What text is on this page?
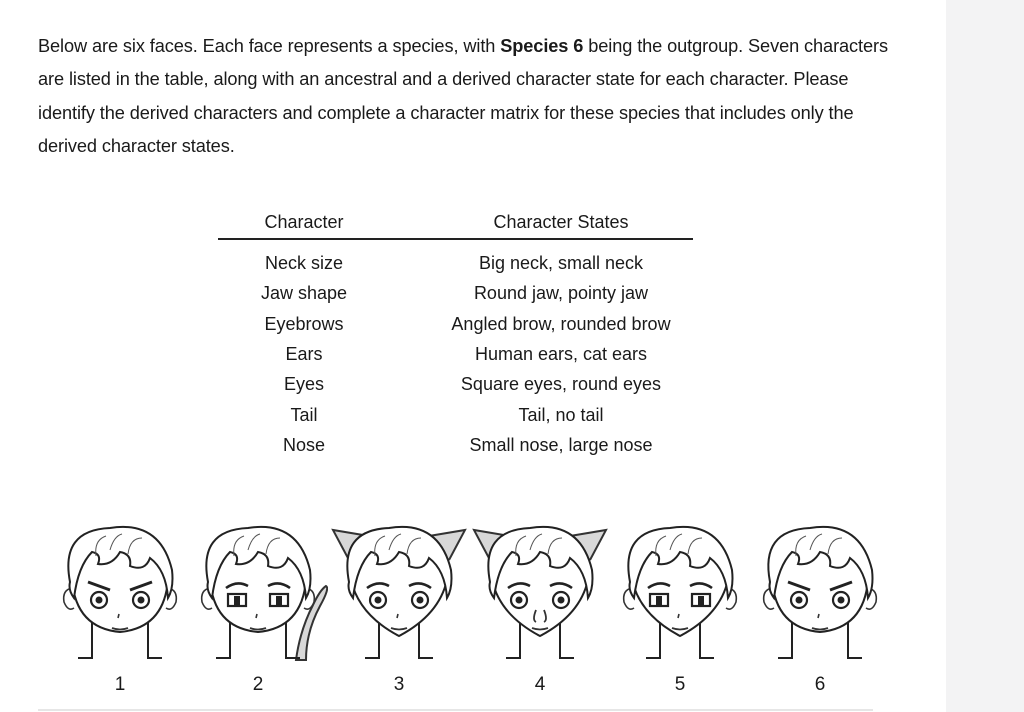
Below are six faces. Each face represents a species, with Species 6 being the outgroup. Seven characters are listed in the table, along with an ancestral and a derived character state for each character. Please identify the derived characters and complete a character matrix for these species that includes only the derived character states.

Character	Character States
Neck size	Big neck, small neck
Jaw shape	Round jaw, pointy jaw
Eyebrows	Angled brow, rounded brow
Ears	Human ears, cat ears
Eyes	Square eyes, round eyes
Tail	Tail, no tail
Nose	Small nose, large nose
1	2	3	4	5	6
